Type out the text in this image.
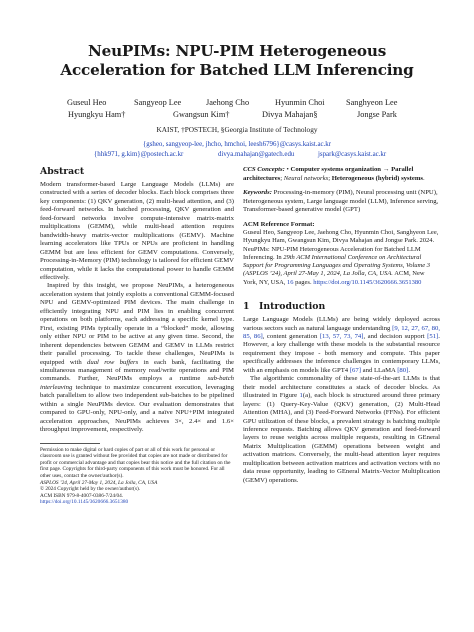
NeuPIMs: NPU-PIM Heterogeneous
Acceleration for Batched LLM Inferencing
Guseul Heo	Sangyeop Lee	Jaehong Cho	Hyunmin Choi	Sanghyeon Lee
Hyungkyu Ham†	Gwangsun Kim†	Divya Mahajan§	Jongse Park
KAIST, †POSTECH, §Georgia Institute of Technology
{gsheo, sangyeop-lee, jhcho, hmchoi, leesh6796}@casys.kaist.ac.kr
{hhk971, g.kim}@postech.ac.kr	divya.mahajan@gatech.edu	jspark@casys.kaist.ac.kr
Abstract

Modern transformer-based Large Language Models (LLMs) are constructed with a series of decoder blocks. Each block comprises three key components: (1) QKV generation, (2) multi-head attention, and (3) feed-forward networks. In batched processing, QKV generation and feed-forward networks involve compute-intensive matrix-matrix multiplications (GEMM), while multi-head attention requires bandwidth-heavy matrix-vector multiplications (GEMV). Machine learning accelerators like TPUs or NPUs are proficient in handling GEMM but are less efficient for GEMV computations. Conversely, Processing-in-Memory (PIM) technology is tailored for efficient GEMV computation, while it lacks the computational power to handle GEMM effectively.

Inspired by this insight, we propose NeuPIMs, a heterogeneous acceleration system that jointly exploits a conventional GEMM-focused NPU and GEMV-optimized PIM devices. The main challenge in efficiently integrating NPU and PIM lies in enabling concurrent operations on both platforms, each addressing a specific kernel type. First, existing PIMs typically operate in a “blocked” mode, allowing only either NPU or PIM to be active at any given time. Second, the inherent dependencies between GEMM and GEMV in LLMs restrict their parallel processing. To tackle these challenges, NeuPIMs is equipped with dual row buffers in each bank, facilitating the simultaneous management of memory read/write operations and PIM commands. Further, NeuPIMs employs a runtime sub-batch interleaving technique to maximize concurrent execution, leveraging batch parallelism to allow two independent sub-batches to be pipelined within a single NeuPIMs device. Our evaluation demonstrates that compared to GPU-only, NPU-only, and a naïve NPU+PIM integrated acceleration approaches, NeuPIMs achieves 3×, 2.4× and 1.6× throughput improvement, respectively.

Permission to make digital or hard copies of part or all of this work for personal or classroom use is granted without fee provided that copies are not made or distributed for profit or commercial advantage and that copies bear this notice and the full citation on the first page. Copyrights for third-party components of this work must be honored. For all other uses, contact the owner/author(s).
ASPLOS ’24, April 27-May 1, 2024, La Jolla, CA, USA
© 2024 Copyright held by the owner/author(s).
ACM ISBN 979-8-4007-0386-7/24/04.
https://doi.org/10.1145/3620666.3651380

CCS Concepts: • Computer systems organization → Parallel architectures; Neural networks; Heterogeneous (hybrid) systems.

Keywords: Processing-in-memory (PIM), Neural processing unit (NPU), Heterogeneous system, Large language model (LLM), Inference serving, Transformer-based generative model (GPT)

ACM Reference Format:

Guseul Heo, Sangyeop Lee, Jaehong Cho, Hyunmin Choi, Sanghyeon Lee, Hyungkyu Ham, Gwangsun Kim, Divya Mahajan and Jongse Park. 2024. NeuPIMs: NPU-PIM Heterogeneous Acceleration for Batched LLM Inferencing. In 29th ACM International Conference on Architectural Support for Programming Languages and Operating Systems, Volume 3 (ASPLOS ’24), April 27-May 1, 2024, La Jolla, CA, USA. ACM, New York, NY, USA, 16 pages. https://doi.org/10.1145/3620666.3651380

1 Introduction

Large Language Models (LLMs) are being widely deployed across various sectors such as natural language understanding [9, 12, 27, 67, 80, 85, 86], content generation [13, 57, 73, 74], and decision support [51]. However, a key challenge with these models is the substantial resource requirement they impose - both memory and compute. This paper specifically addresses the inference challenges in contemporary LLMs, with an emphasis on models like GPT4 [67] and LLaMA [80].

The algorithmic commonality of these state-of-the-art LLMs is that their model architecture constitutes a stack of decoder blocks. As illustrated in Figure 1(a), each block is structured around three primary layers: (1) Query-Key-Value (QKV) generation, (2) Multi-Head Attention (MHA), and (3) Feed-Forward Networks (FFNs). For efficient GPU utilization of these blocks, a prevalent strategy is batching multiple inference requests. Batching allows QKV generation and feed-forward layers to reuse weights across multiple requests, resulting in GEneral Matrix Multiplication (GEMM) operations between weight and activation matrices. Conversely, the multi-head attention layer requires multiplication between activation matrices and activation vectors with no data reuse opportunity, leading to GEneral Matrix-Vector Multiplication (GEMV) operations.
